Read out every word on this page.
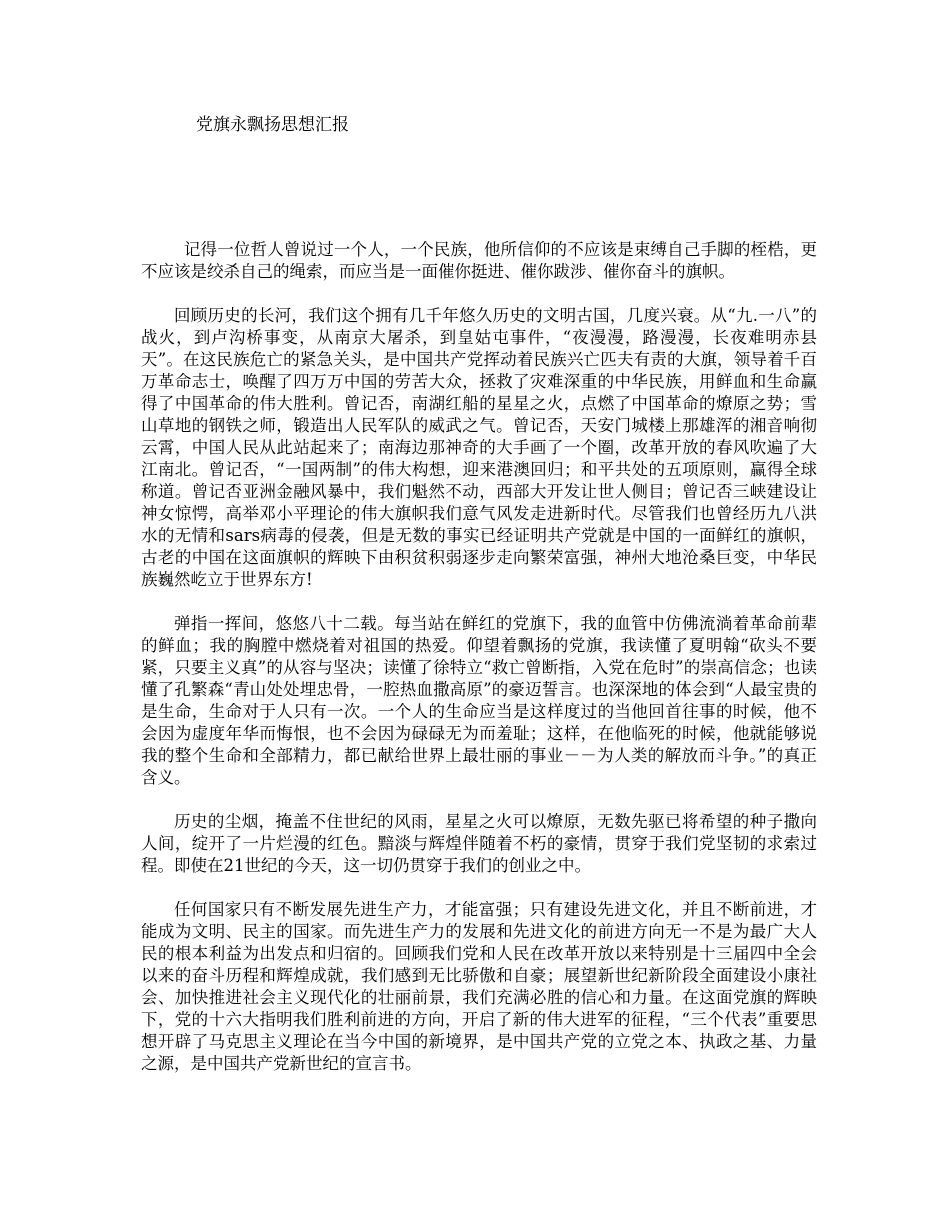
党旗永飘扬思想汇报

记得一位哲人曾说过一个人，一个民族，他所信仰的不应该是束缚自己手脚的桎梏，更不应该是绞杀自己的绳索，而应当是一面催你挺进、催你跋涉、催你奋斗的旗帜。

回顾历史的长河，我们这个拥有几千年悠久历史的文明古国，几度兴衰。从“九.一八”的战火，到卢沟桥事变，从南京大屠杀，到皇姑屯事件，“夜漫漫，路漫漫，长夜难明赤县天”。在这民族危亡的紧急关头，是中国共产党挥动着民族兴亡匹夫有责的大旗，领导着千百万革命志士，唤醒了四万万中国的劳苦大众，拯救了灾难深重的中华民族，用鲜血和生命赢得了中国革命的伟大胜利。曾记否，南湖红船的星星之火，点燃了中国革命的燎原之势；雪山草地的钢铁之师，锻造出人民军队的威武之气。曾记否，天安门城楼上那雄浑的湘音响彻云霄，中国人民从此站起来了；南海边那神奇的大手画了一个圈，改革开放的春风吹遍了大江南北。曾记否，“一国两制”的伟大构想，迎来港澳回归；和平共处的五项原则，赢得全球称道。曾记否亚洲金融风暴中，我们魁然不动，西部大开发让世人侧目；曾记否三峡建设让神女惊愕，高举邓小平理论的伟大旗帜我们意气风发走进新时代。尽管我们也曾经历九八洪水的无情和sars病毒的侵袭，但是无数的事实已经证明共产党就是中国的一面鲜红的旗帜，古老的中国在这面旗帜的辉映下由积贫积弱逐步走向繁荣富强，神州大地沧桑巨变，中华民族巍然屹立于世界东方!

弹指一挥间，悠悠八十二载。每当站在鲜红的党旗下，我的血管中仿佛流淌着革命前辈的鲜血；我的胸膛中燃烧着对祖国的热爱。仰望着飘扬的党旗，我读懂了夏明翰“砍头不要紧，只要主义真”的从容与坚决；读懂了徐特立“救亡曾断指，入党在危时”的崇高信念；也读懂了孔繁森“青山处处埋忠骨，一腔热血撒高原”的豪迈誓言。也深深地的体会到“人最宝贵的是生命，生命对于人只有一次。一个人的生命应当是这样度过的当他回首往事的时候，他不会因为虚度年华而悔恨，也不会因为碌碌无为而羞耻；这样，在他临死的时候，他就能够说我的整个生命和全部精力，都已献给世界上最壮丽的事业－－为人类的解放而斗争。”的真正含义。

历史的尘烟，掩盖不住世纪的风雨，星星之火可以燎原，无数先驱已将希望的种子撒向人间，绽开了一片烂漫的红色。黯淡与辉煌伴随着不朽的豪情，贯穿于我们党坚韧的求索过程。即使在21世纪的今天，这一切仍贯穿于我们的创业之中。

任何国家只有不断发展先进生产力，才能富强；只有建设先进文化，并且不断前进，才能成为文明、民主的国家。而先进生产力的发展和先进文化的前进方向无一不是为最广大人民的根本利益为出发点和归宿的。回顾我们党和人民在改革开放以来特别是十三届四中全会以来的奋斗历程和辉煌成就，我们感到无比骄傲和自豪；展望新世纪新阶段全面建设小康社会、加快推进社会主义现代化的壮丽前景，我们充满必胜的信心和力量。在这面党旗的辉映下，党的十六大指明我们胜利前进的方向，开启了新的伟大进军的征程，“三个代表”重要思想开辟了马克思主义理论在当今中国的新境界，是中国共产党的立党之本、执政之基、力量之源，是中国共产党新世纪的宣言书。
